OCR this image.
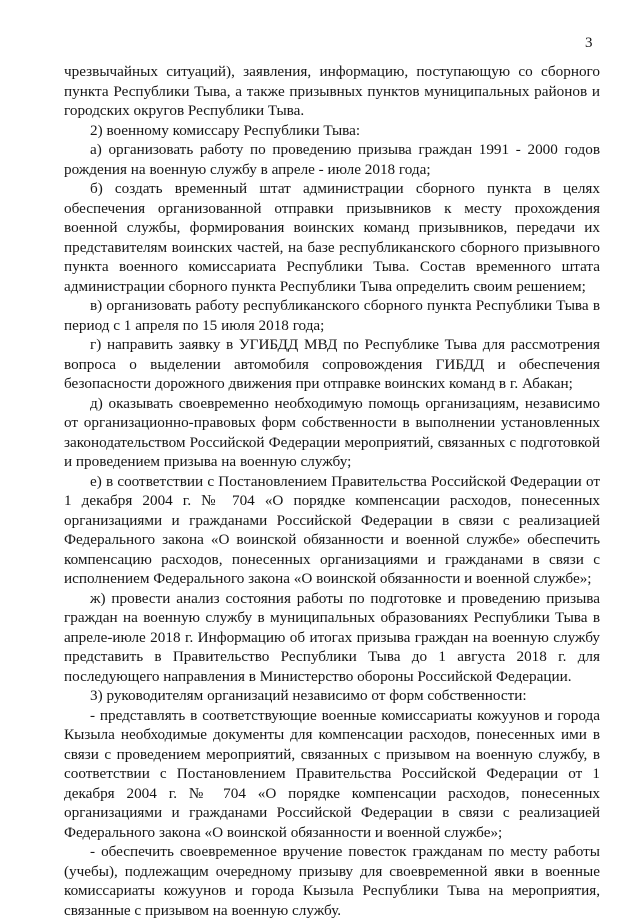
3

чрезвычайных ситуаций), заявления, информацию, поступающую со сборного пункта Республики Тыва, а также призывных пунктов муниципальных районов и городских округов Республики Тыва.

2) военному комиссару Республики Тыва:

а) организовать работу по проведению призыва граждан 1991 - 2000 годов рождения на военную службу в апреле - июле 2018 года;

б) создать временный штат администрации сборного пункта в целях обеспечения организованной отправки призывников к месту прохождения военной службы, формирования воинских команд призывников, передачи их представителям воинских частей, на базе республиканского сборного призывного пункта военного комиссариата Республики Тыва. Состав временного штата администрации сборного пункта Республики Тыва определить своим решением;

в) организовать работу республиканского сборного пункта Республики Тыва в период с 1 апреля по 15 июля 2018 года;

г) направить заявку в УГИБДД МВД по Республике Тыва для рассмотрения вопроса о выделении автомобиля сопровождения ГИБДД и обеспечения безопасности дорожного движения при отправке воинских команд в г. Абакан;

д) оказывать своевременно необходимую помощь организациям, независимо от организационно-правовых форм собственности в выполнении установленных законодательством Российской Федерации мероприятий, связанных с подготовкой и проведением призыва на военную службу;

е) в соответствии с Постановлением Правительства Российской Федерации от 1 декабря 2004 г. № 704 «О порядке компенсации расходов, понесенных организациями и гражданами Российской Федерации в связи с реализацией Федерального закона «О воинской обязанности и военной службе» обеспечить компенсацию расходов, понесенных организациями и гражданами в связи с исполнением Федерального закона «О воинской обязанности и военной службе»;

ж) провести анализ состояния работы по подготовке и проведению призыва граждан на военную службу в муниципальных образованиях Республики Тыва в апреле-июле 2018 г. Информацию об итогах призыва граждан на военную службу представить в Правительство Республики Тыва до 1 августа 2018 г. для последующего направления в Министерство обороны Российской Федерации.

3) руководителям организаций независимо от форм собственности:

- представлять в соответствующие военные комиссариаты кожуунов и города Кызыла необходимые документы для компенсации расходов, понесенных ими в связи с проведением мероприятий, связанных с призывом на военную службу, в соответствии с Постановлением Правительства Российской Федерации от 1 декабря 2004 г. № 704 «О порядке компенсации расходов, понесенных организациями и гражданами Российской Федерации в связи с реализацией Федерального закона «О воинской обязанности и военной службе»;

- обеспечить своевременное вручение повесток гражданам по месту работы (учебы), подлежащим очередному призыву для своевременной явки в военные комиссариаты кожуунов и города Кызыла Республики Тыва на мероприятия, связанные с призывом на военную службу.
